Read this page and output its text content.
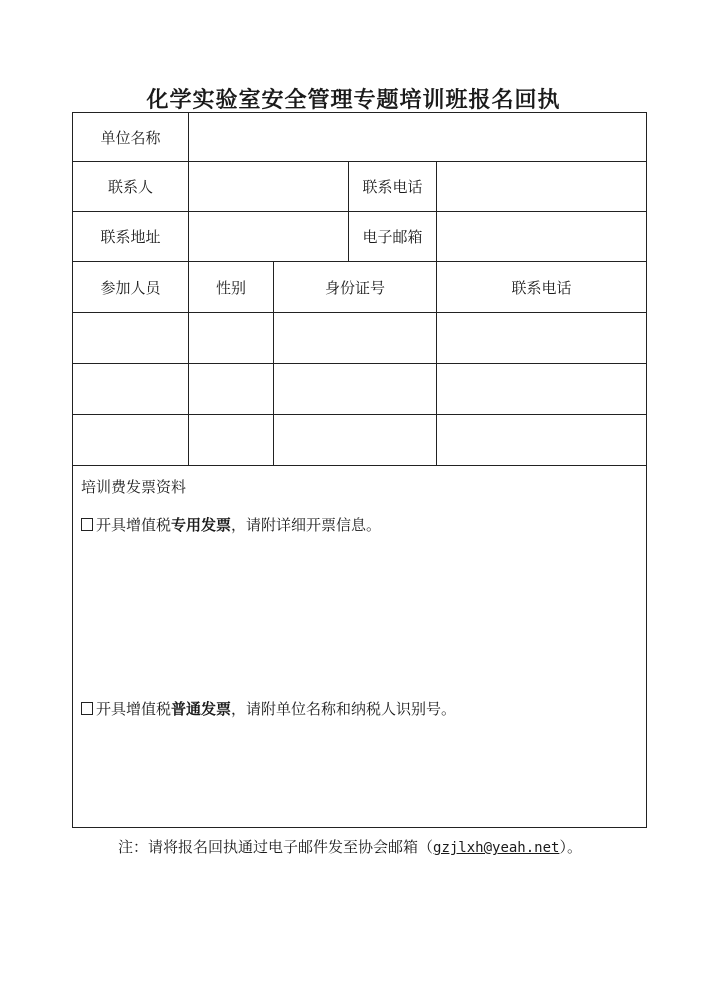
化学实验室安全管理专题培训班报名回执
单位名称				
联系人			联系电话	
联系地址			电子邮箱	
参加人员	性别	身份证号		联系电话

培训费发票资料
开具增值税专用发票，请附详细开票信息。
开具增值税普通发票，请附单位名称和纳税人识别号。				
注：请将报名回执通过电子邮件发至协会邮箱（gzjlxh@yeah.net）。
